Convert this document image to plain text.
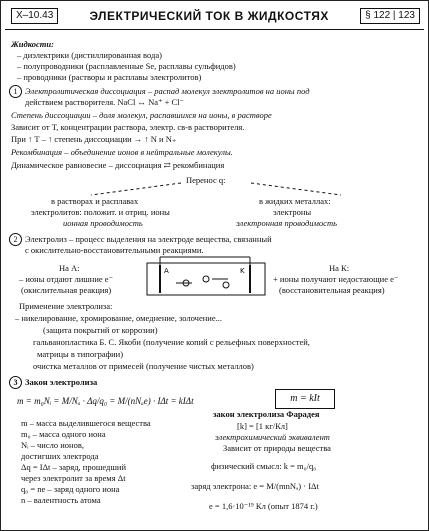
Х–10.43	ЭЛЕКТРИЧЕСКИЙ ТОК В ЖИДКОСТЯХ	§ 122 | 123
Жидкости:
– диэлектрики (дистиллированная вода)
– полупроводники (расплавленные Se, расплавы сульфидов)
– проводники (растворы и расплавы электролитов)
1 Электролитическая диссоциация – распад молекул электролитов на ионы под
действием растворителя. NaCl ↔ Na⁺ + Cl⁻
Степень диссоциации – доля молекул, распавшихся на ионы, в растворе
Зависит от T, концентрации раствора, электр. св-в растворителя.
При ↑ T – ↑ степень диссоциации → ↑ N и N₊
Рекомбинация – объединение ионов в нейтральные молекулы.
Динамическое равновесие – диссоциация ⇄ рекомбинация
Перенос q:
в растворах и расплавах
электролитов: положит. и отриц. ионы
ионная проводимость
в жидких металлах:
электроны
электронная проводимость
2 Электролиз – процесс выделения на электроде вещества, связанный
с окислительно-восстановительными реакциями.
На А:
– ионы отдают лишние e⁻
(окислительная реакция)
A	K	На К:
+ ионы получают недостающие e⁻
(восстановительная реакция)
Применение электролиза:
– никелирование, хромирование, омеднение, золочение...
(защита покрытий от коррозии)
гальванопластика Б. С. Якоби (получение копий с рельефных поверхностей,
матрицы в типографии)
очистка металлов от примесей (получение чистых металлов)
3 Закон электролиза
m = m₀Nᵢ = M/Nₐ · Δq/q₀ = M/(nNₐe) · IΔt = kIΔt	m = kIt
m – масса выделившегося вещества
m₀ – масса одного иона
Nᵢ – число ионов,
достигших электрода
Δq = IΔt – заряд, прошедший
через электролит за время Δt
q₀ = ne – заряд одного иона
n – валентность атома
закон электролиза Фарадея
[k] = [1 кг/Кл]
электрохимический эквивалент
Зависит от природы вещества
физический смысл: k = m₀/q₀
заряд электрона: e = M/(mnNₐ) · IΔt
e = 1,6·10⁻¹⁹ Кл (опыт 1874 г.)
